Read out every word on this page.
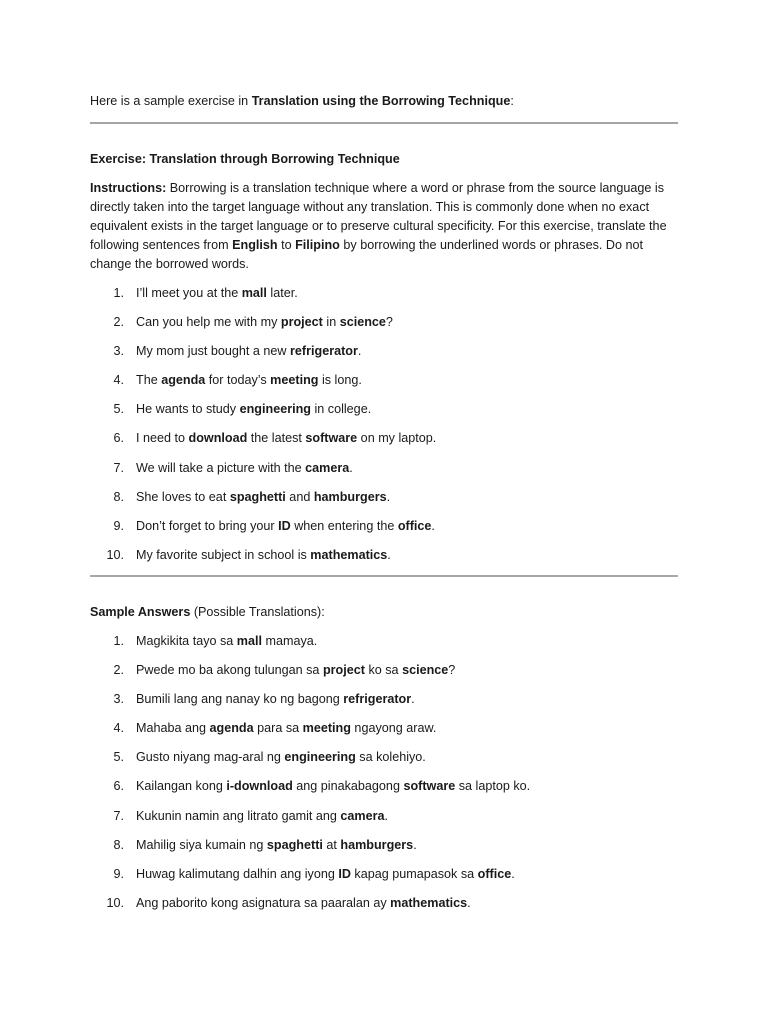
Here is a sample exercise in Translation using the Borrowing Technique:

Exercise: Translation through Borrowing Technique

Instructions: Borrowing is a translation technique where a word or phrase from the source language is directly taken into the target language without any translation. This is commonly done when no exact equivalent exists in the target language or to preserve cultural specificity. For this exercise, translate the following sentences from English to Filipino by borrowing the underlined words or phrases. Do not change the borrowed words.

1. I’ll meet you at the mall later.
2. Can you help me with my project in science?
3. My mom just bought a new refrigerator.
4. The agenda for today’s meeting is long.
5. He wants to study engineering in college.
6. I need to download the latest software on my laptop.
7. We will take a picture with the camera.
8. She loves to eat spaghetti and hamburgers.
9. Don’t forget to bring your ID when entering the office.
10. My favorite subject in school is mathematics.

Sample Answers (Possible Translations):

1. Magkikita tayo sa mall mamaya.
2. Pwede mo ba akong tulungan sa project ko sa science?
3. Bumili lang ang nanay ko ng bagong refrigerator.
4. Mahaba ang agenda para sa meeting ngayong araw.
5. Gusto niyang mag-aral ng engineering sa kolehiyo.
6. Kailangan kong i-download ang pinakabagong software sa laptop ko.
7. Kukunin namin ang litrato gamit ang camera.
8. Mahilig siya kumain ng spaghetti at hamburgers.
9. Huwag kalimutang dalhin ang iyong ID kapag pumapasok sa office.
10. Ang paborito kong asignatura sa paaralan ay mathematics.
